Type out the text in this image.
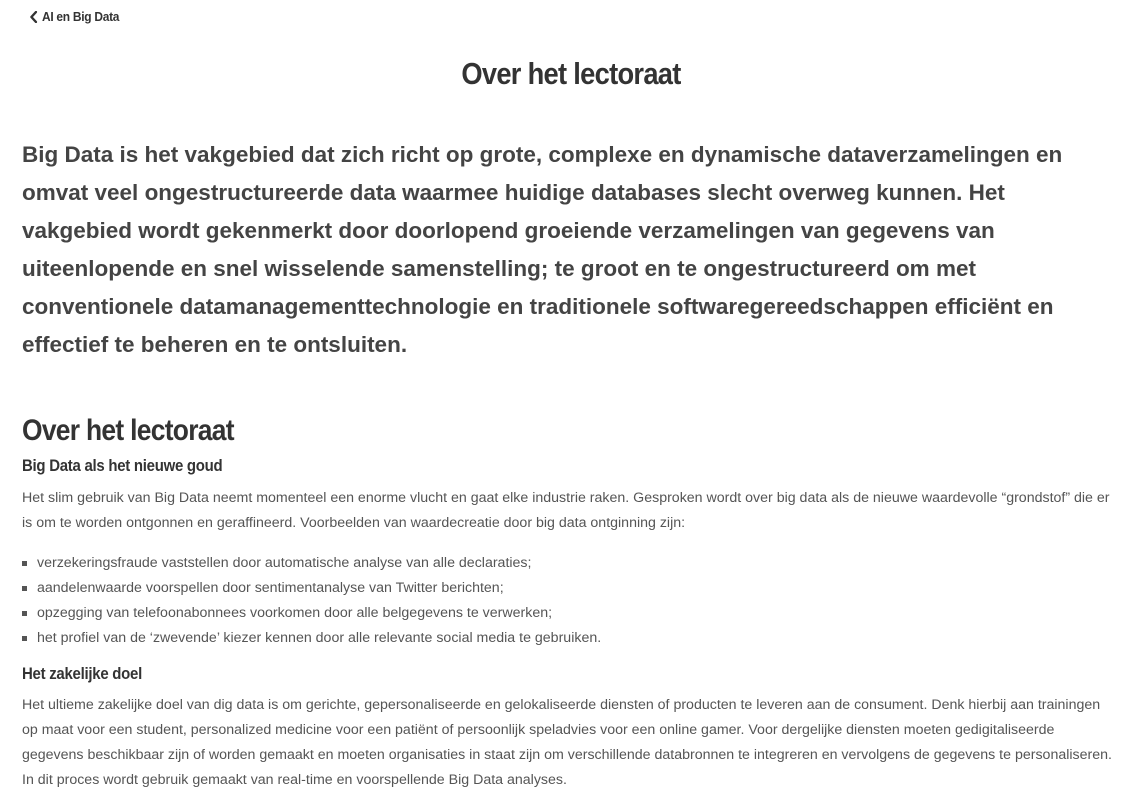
AI en Big Data
Over het lectoraat

Big Data is het vakgebied dat zich richt op grote, complexe en dynamische dataverzamelingen en omvat veel ongestructureerde data waarmee huidige databases slecht overweg kunnen. Het vakgebied wordt gekenmerkt door doorlopend groeiende verzamelingen van gegevens van uiteenlopende en snel wisselende samenstelling; te groot en te ongestructureerd om met conventionele datamanagementtechnologie en traditionele softwaregereedschappen efficiënt en effectief te beheren en te ontsluiten.

Over het lectoraat
Big Data als het nieuwe goud

Het slim gebruik van Big Data neemt momenteel een enorme vlucht en gaat elke industrie raken. Gesproken wordt over big data als de nieuwe waardevolle “grondstof” die er is om te worden ontgonnen en geraffineerd. Voorbeelden van waardecreatie door big data ontginning zijn:

verzekeringsfraude vaststellen door automatische analyse van alle declaraties;
aandelenwaarde voorspellen door sentimentanalyse van Twitter berichten;
opzegging van telefoonabonnees voorkomen door alle belgegevens te verwerken;
het profiel van de ‘zwevende’ kiezer kennen door alle relevante social media te gebruiken.
Het zakelijke doel

Het ultieme zakelijke doel van dig data is om gerichte, gepersonaliseerde en gelokaliseerde diensten of producten te leveren aan de consument. Denk hierbij aan trainingen op maat voor een student, personalized medicine voor een patiënt of persoonlijk speladvies voor een online gamer. Voor dergelijke diensten moeten gedigitaliseerde gegevens beschikbaar zijn of worden gemaakt en moeten organisaties in staat zijn om verschillende databronnen te integreren en vervolgens de gegevens te personaliseren. In dit proces wordt gebruik gemaakt van real-time en voorspellende Big Data analyses.
